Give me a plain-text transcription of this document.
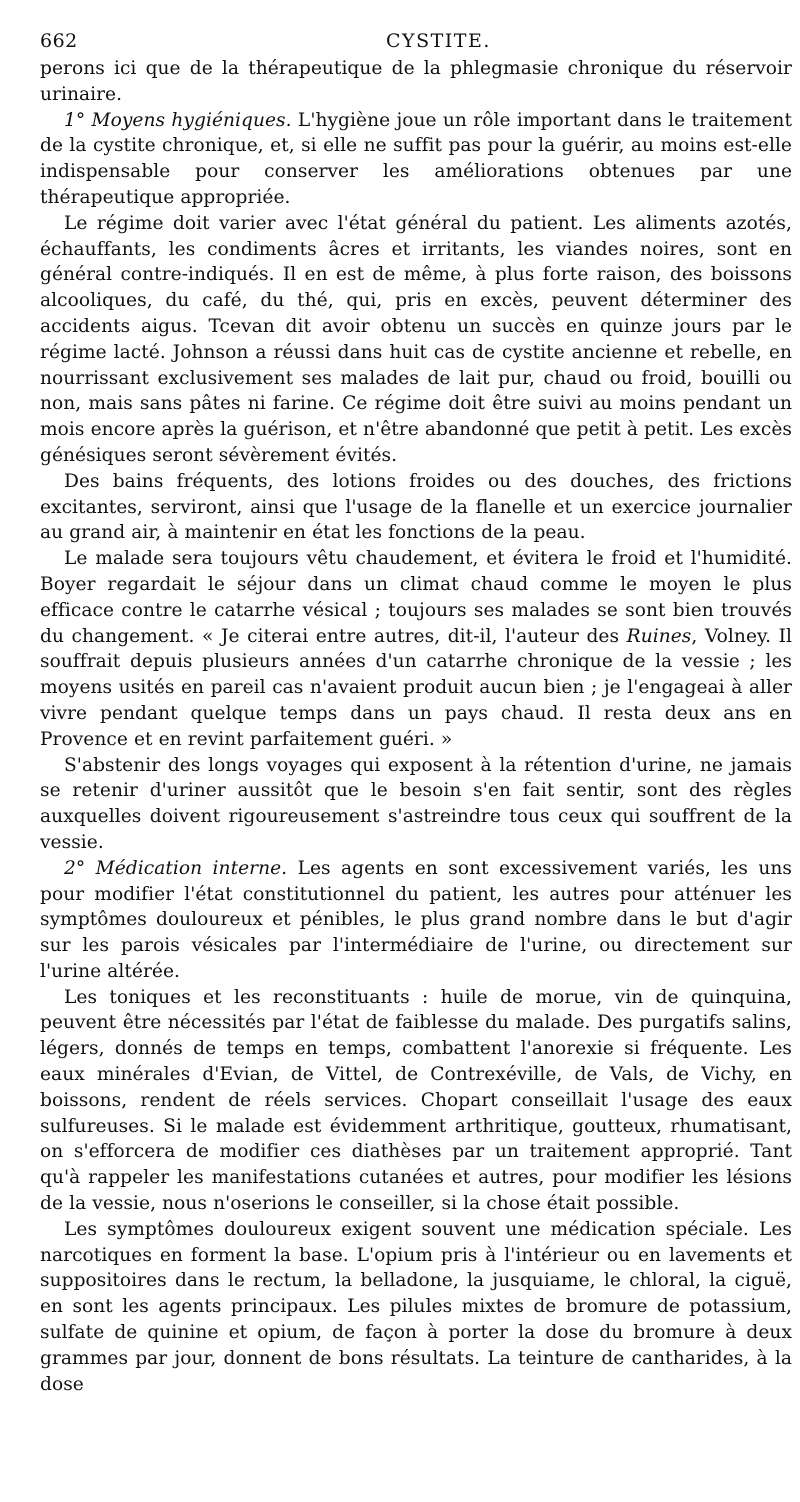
662	CYSTITE.

perons ici que de la thérapeutique de la phlegmasie chronique du réservoir urinaire.

1° Moyens hygiéniques. L'hygiène joue un rôle important dans le traitement de la cystite chronique, et, si elle ne suffit pas pour la guérir, au moins est-elle indispensable pour conserver les améliorations obtenues par une thérapeutique appropriée.

Le régime doit varier avec l'état général du patient. Les aliments azotés, échauffants, les condiments âcres et irritants, les viandes noires, sont en général contre-indiqués. Il en est de même, à plus forte raison, des boissons alcooliques, du café, du thé, qui, pris en excès, peuvent déterminer des accidents aigus. Tcevan dit avoir obtenu un succès en quinze jours par le régime lacté. Johnson a réussi dans huit cas de cystite ancienne et rebelle, en nourrissant exclusivement ses malades de lait pur, chaud ou froid, bouilli ou non, mais sans pâtes ni farine. Ce régime doit être suivi au moins pendant un mois encore après la guérison, et n'être abandonné que petit à petit. Les excès génésiques seront sévèrement évités.

Des bains fréquents, des lotions froides ou des douches, des frictions excitantes, serviront, ainsi que l'usage de la flanelle et un exercice journalier au grand air, à maintenir en état les fonctions de la peau.

Le malade sera toujours vêtu chaudement, et évitera le froid et l'humidité. Boyer regardait le séjour dans un climat chaud comme le moyen le plus efficace contre le catarrhe vésical ; toujours ses malades se sont bien trouvés du changement. « Je citerai entre autres, dit-il, l'auteur des Ruines, Volney. Il souffrait depuis plusieurs années d'un catarrhe chronique de la vessie ; les moyens usités en pareil cas n'avaient produit aucun bien ; je l'engageai à aller vivre pendant quelque temps dans un pays chaud. Il resta deux ans en Provence et en revint parfaitement guéri. »

S'abstenir des longs voyages qui exposent à la rétention d'urine, ne jamais se retenir d'uriner aussitôt que le besoin s'en fait sentir, sont des règles auxquelles doivent rigoureusement s'astreindre tous ceux qui souffrent de la vessie.

2° Médication interne. Les agents en sont excessivement variés, les uns pour modifier l'état constitutionnel du patient, les autres pour atténuer les symptômes douloureux et pénibles, le plus grand nombre dans le but d'agir sur les parois vésicales par l'intermédiaire de l'urine, ou directement sur l'urine altérée.

Les toniques et les reconstituants : huile de morue, vin de quinquina, peuvent être nécessités par l'état de faiblesse du malade. Des purgatifs salins, légers, donnés de temps en temps, combattent l'anorexie si fréquente. Les eaux minérales d'Evian, de Vittel, de Contrexéville, de Vals, de Vichy, en boissons, rendent de réels services. Chopart conseillait l'usage des eaux sulfureuses. Si le malade est évidemment arthritique, goutteux, rhumatisant, on s'efforcera de modifier ces diathèses par un traitement approprié. Tant qu'à rappeler les manifestations cutanées et autres, pour modifier les lésions de la vessie, nous n'oserions le conseiller, si la chose était possible.

Les symptômes douloureux exigent souvent une médication spéciale. Les narcotiques en forment la base. L'opium pris à l'intérieur ou en lavements et suppositoires dans le rectum, la belladone, la jusquiame, le chloral, la ciguë, en sont les agents principaux. Les pilules mixtes de bromure de potassium, sulfate de quinine et opium, de façon à porter la dose du bromure à deux grammes par jour, donnent de bons résultats. La teinture de cantharides, à la dose
